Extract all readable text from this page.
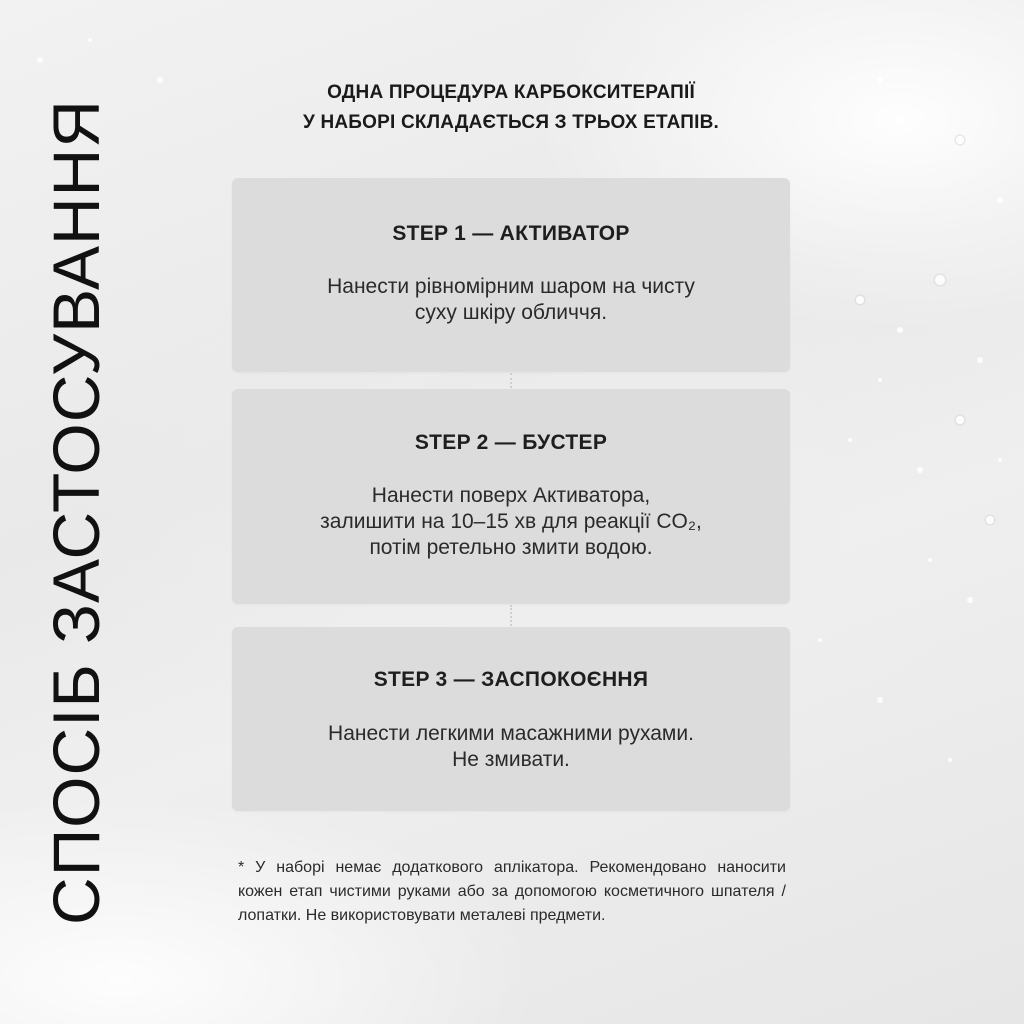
СПОСІБ ЗАСТОСУВАННЯ
ОДНА ПРОЦЕДУРА КАРБОКСИТЕРАПІЇ
У НАБОРІ СКЛАДАЄТЬСЯ З ТРЬОХ ЕТАПІВ.
STEP 1 — АКТИВАТОР

Нанести рівномірним шаром на чисту
суху шкіру обличчя.

STEP 2 — БУСТЕР

Нанести поверх Активатора,
залишити на 10–15 хв для реакції CO₂,
потім ретельно змити водою.

STEP 3 — ЗАСПОКОЄННЯ

Нанести легкими масажними рухами.
Не змивати.

* У наборі немає додаткового аплікатора. Рекомендовано наносити кожен етап чистими руками або за допомогою косметичного шпателя / лопатки. Не використовувати металеві предмети.
